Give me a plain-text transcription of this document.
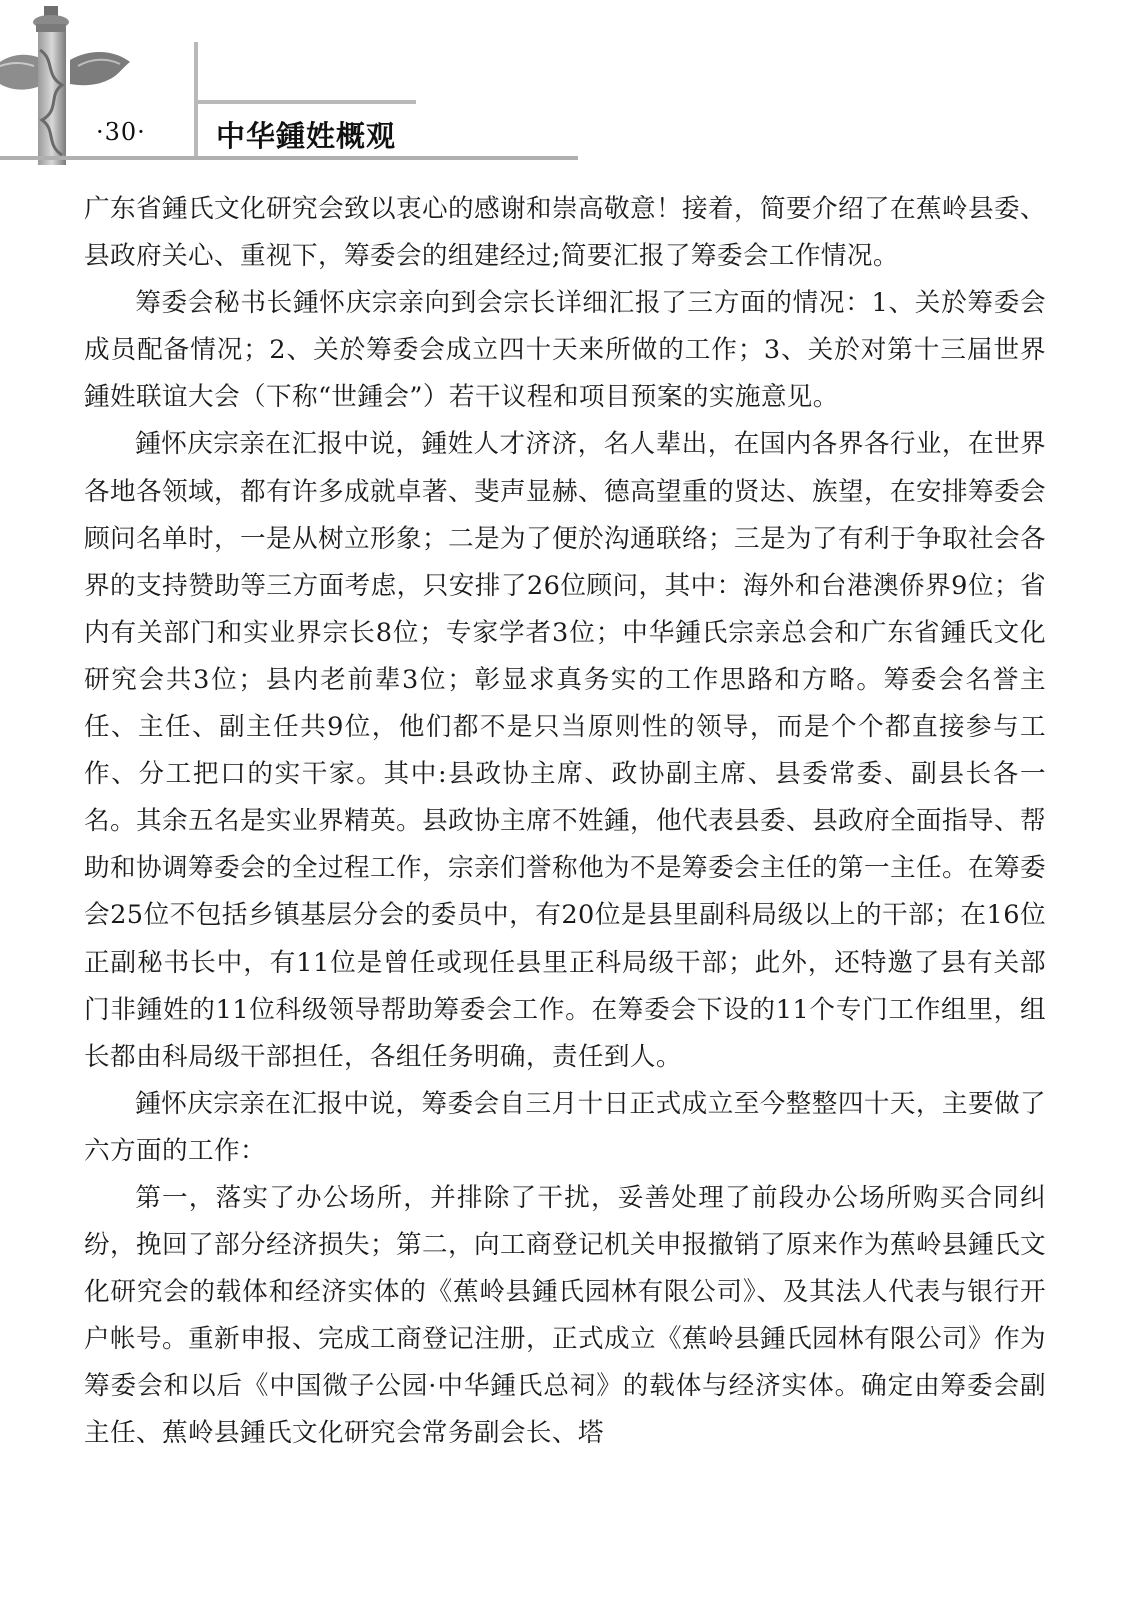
·30· 中华鍾姓概观

广东省鍾氏文化研究会致以衷心的感谢和崇高敬意！接着，简要介绍了在蕉岭县委、县政府关心、重视下，筹委会的组建经过;简要汇报了筹委会工作情况。

筹委会秘书长鍾怀庆宗亲向到会宗长详细汇报了三方面的情况：1、关於筹委会成员配备情况；2、关於筹委会成立四十天来所做的工作；3、关於对第十三届世界鍾姓联谊大会（下称“世鍾会”）若干议程和项目预案的实施意见。

鍾怀庆宗亲在汇报中说，鍾姓人才济济，名人辈出，在国内各界各行业，在世界各地各领域，都有许多成就卓著、斐声显赫、德高望重的贤达、族望，在安排筹委会顾问名单时，一是从树立形象；二是为了便於沟通联络；三是为了有利于争取社会各界的支持赞助等三方面考虑，只安排了26位顾问，其中：海外和台港澳侨界9位；省内有关部门和实业界宗长8位；专家学者3位；中华鍾氏宗亲总会和广东省鍾氏文化研究会共3位；县内老前辈3位；彰显求真务实的工作思路和方略。筹委会名誉主任、主任、副主任共9位，他们都不是只当原则性的领导，而是个个都直接参与工作、分工把口的实干家。其中:县政协主席、政协副主席、县委常委、副县长各一名。其余五名是实业界精英。县政协主席不姓鍾，他代表县委、县政府全面指导、帮助和协调筹委会的全过程工作，宗亲们誉称他为不是筹委会主任的第一主任。在筹委会25位不包括乡镇基层分会的委员中，有20位是县里副科局级以上的干部；在16位正副秘书长中，有11位是曾任或现任县里正科局级干部；此外，还特邀了县有关部门非鍾姓的11位科级领导帮助筹委会工作。在筹委会下设的11个专门工作组里，组长都由科局级干部担任，各组任务明确，责任到人。

鍾怀庆宗亲在汇报中说，筹委会自三月十日正式成立至今整整四十天，主要做了六方面的工作：

第一，落实了办公场所，并排除了干扰，妥善处理了前段办公场所购买合同纠纷，挽回了部分经济损失；第二，向工商登记机关申报撤销了原来作为蕉岭县鍾氏文化研究会的载体和经济实体的《蕉岭县鍾氏园林有限公司》、及其法人代表与银行开户帐号。重新申报、完成工商登记注册，正式成立《蕉岭县鍾氏园林有限公司》作为筹委会和以后《中国微子公园·中华鍾氏总祠》的载体与经济实体。确定由筹委会副主任、蕉岭县鍾氏文化研究会常务副会长、塔
